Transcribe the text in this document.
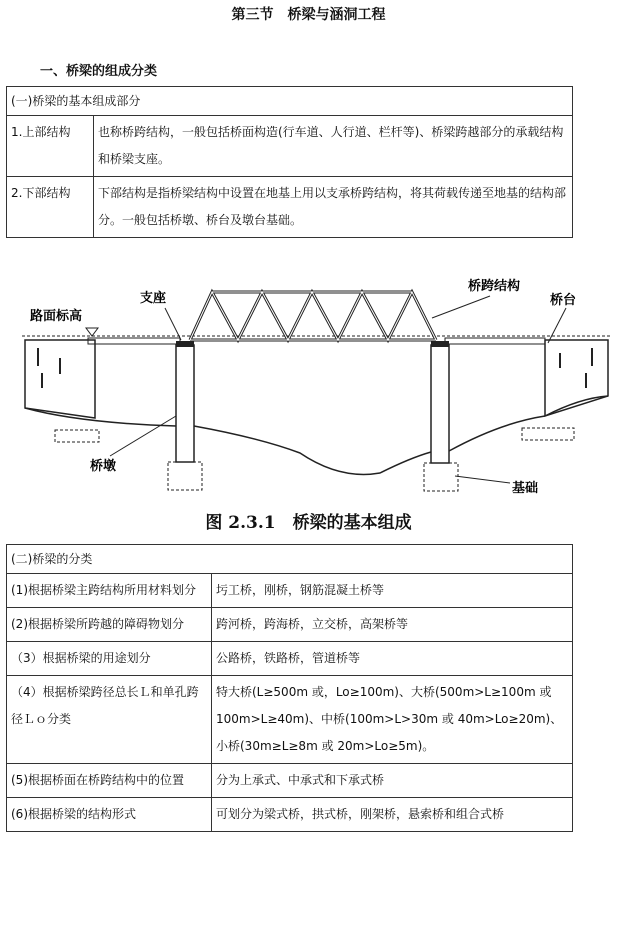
第三节　桥梁与涵洞工程
一、桥梁的组成分类
(一)桥梁的基本组成部分	
1.上部结构	也称桥跨结构，一般包括桥面构造(行车道、人行道、栏杆等)、桥梁跨越部分的承载结构和桥梁支座。
2.下部结构	下部结构是指桥梁结构中设置在地基上用以支承桥跨结构，将其荷载传递至地基的结构部分。一般包括桥墩、桥台及墩台基础。
路面标高
支座
桥跨结构
桥台
桥墩
基础
图 2.3.1　桥梁的基本组成
(二)桥梁的分类	
(1)根据桥梁主跨结构所用材料划分	圬工桥，刚桥，钢筋混凝土桥等
(2)根据桥梁所跨越的障碍物划分	跨河桥，跨海桥，立交桥，高架桥等
（3）根据桥梁的用途划分	公路桥，铁路桥，管道桥等
（4）根据桥梁跨径总长Ｌ和单孔跨径Ｌｏ分类	特大桥(L≥500m 或，Lo≥100m)、大桥(500m>L≥100m 或100m>L≥40m)、中桥(100m>L>30m 或 40m>Lo≥20m)、小桥(30m≥L≥8m 或 20m>Lo≥5m)。
(5)根据桥面在桥跨结构中的位置	分为上承式、中承式和下承式桥
(6)根据桥梁的结构形式	可划分为梁式桥，拱式桥，刚架桥，悬索桥和组合式桥
